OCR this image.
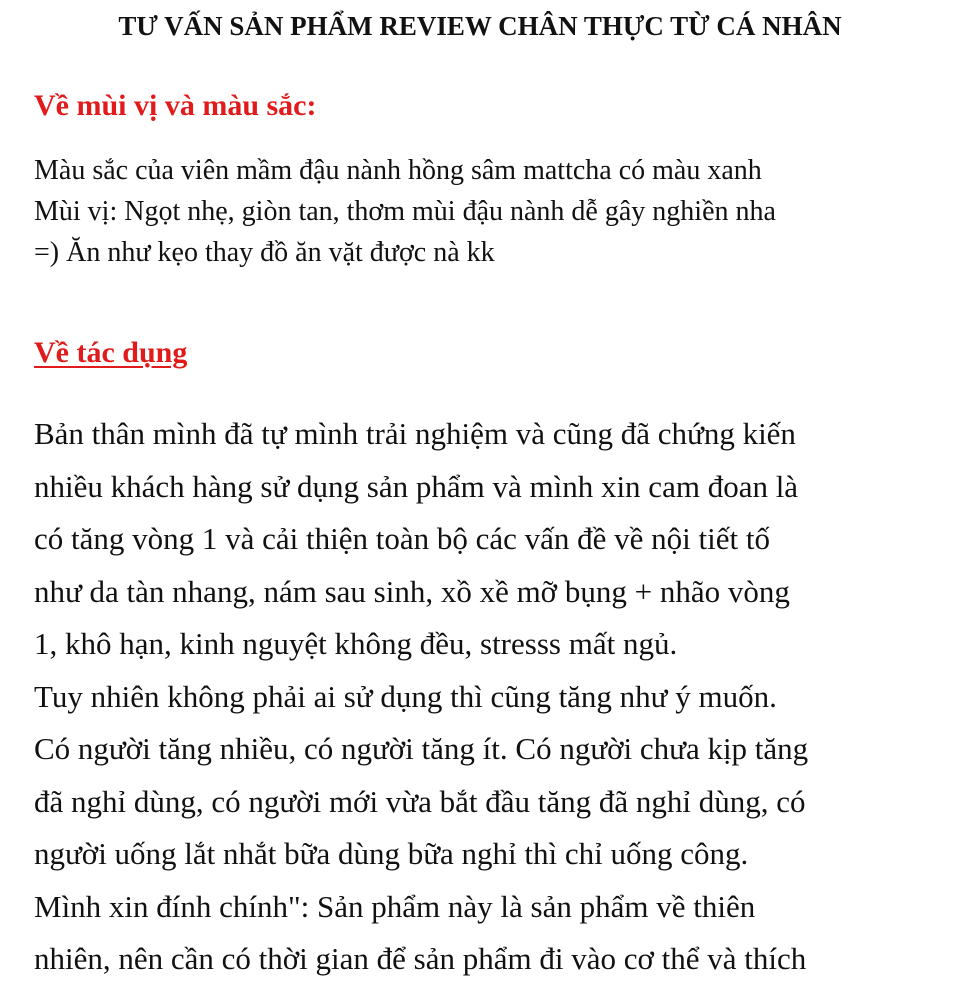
TƯ VẤN SẢN PHẨM REVIEW CHÂN THỰC TỪ CÁ NHÂN
Về mùi vị và màu sắc:
Màu sắc của viên mầm đậu nành hồng sâm mattcha có màu xanh
Mùi vị: Ngọt nhẹ, giòn tan, thơm mùi đậu nành dễ gây nghiền nha
=) Ăn như kẹo thay đồ ăn vặt được nà kk
Về tác dụng
Bản thân mình đã tự mình trải nghiệm và cũng đã chứng kiến
nhiều khách hàng sử dụng sản phẩm và mình xin cam đoan là
có tăng vòng 1 và cải thiện toàn bộ các vấn đề về nội tiết tố
như da tàn nhang, nám sau sinh, xồ xề mỡ bụng + nhão vòng
1, khô hạn, kinh nguyệt không đều, stresss mất ngủ.
Tuy nhiên không phải ai sử dụng thì cũng tăng như ý muốn.
Có người tăng nhiều, có người tăng ít. Có người chưa kịp tăng
đã nghỉ dùng, có người mới vừa bắt đầu tăng đã nghỉ dùng, có
người uống lắt nhắt bữa dùng bữa nghỉ thì chỉ uống công.
Mình xin đính chính": Sản phẩm này là sản phẩm về thiên
nhiên, nên cần có thời gian để sản phẩm đi vào cơ thể và thích
